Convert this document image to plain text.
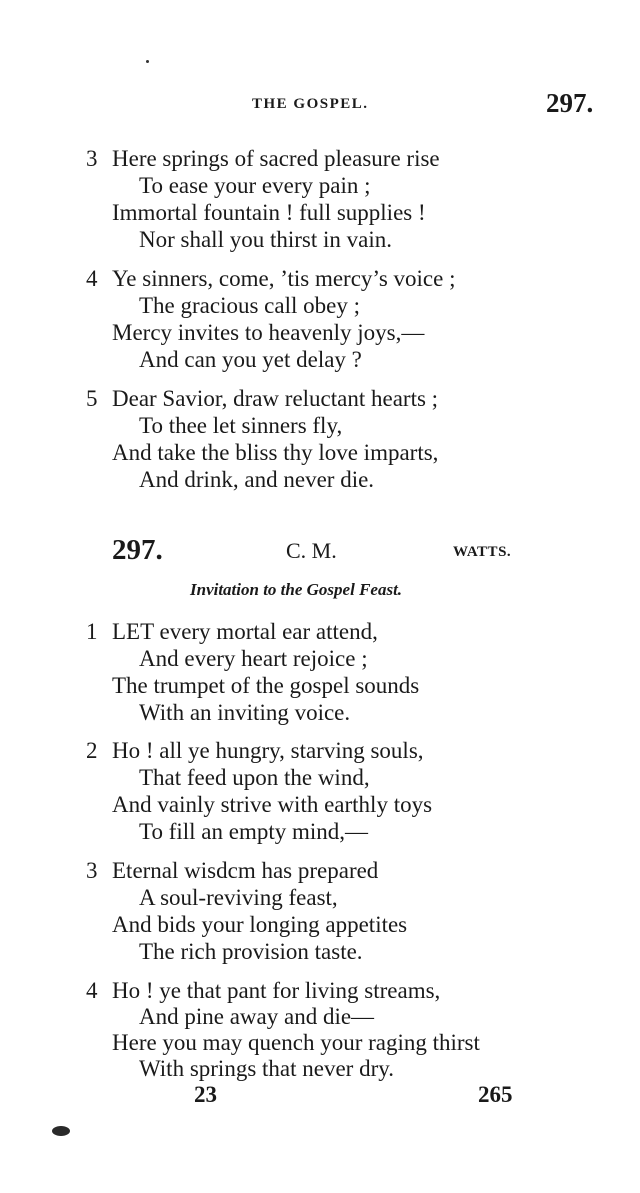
THE GOSPEL.	297.
3 Here springs of sacred pleasure rise
To ease your every pain ;
Immortal fountain ! full supplies !
Nor shall you thirst in vain.
4 Ye sinners, come, ’tis mercy’s voice ;
The gracious call obey ;
Mercy invites to heavenly joys,—
And can you yet delay ?
5 Dear Savior, draw reluctant hearts ;
To thee let sinners fly,
And take the bliss thy love imparts,
And drink, and never die.
297.	C. M.	WATTS.
Invitation to the Gospel Feast.
1 LET every mortal ear attend,
And every heart rejoice ;
The trumpet of the gospel sounds
With an inviting voice.
2 Ho ! all ye hungry, starving souls,
That feed upon the wind,
And vainly strive with earthly toys
To fill an empty mind,—
3 Eternal wisdcm has prepared
A soul-reviving feast,
And bids your longing appetites
The rich provision taste.
4 Ho ! ye that pant for living streams,
And pine away and die—
Here you may quench your raging thirst
With springs that never dry.
23	265
